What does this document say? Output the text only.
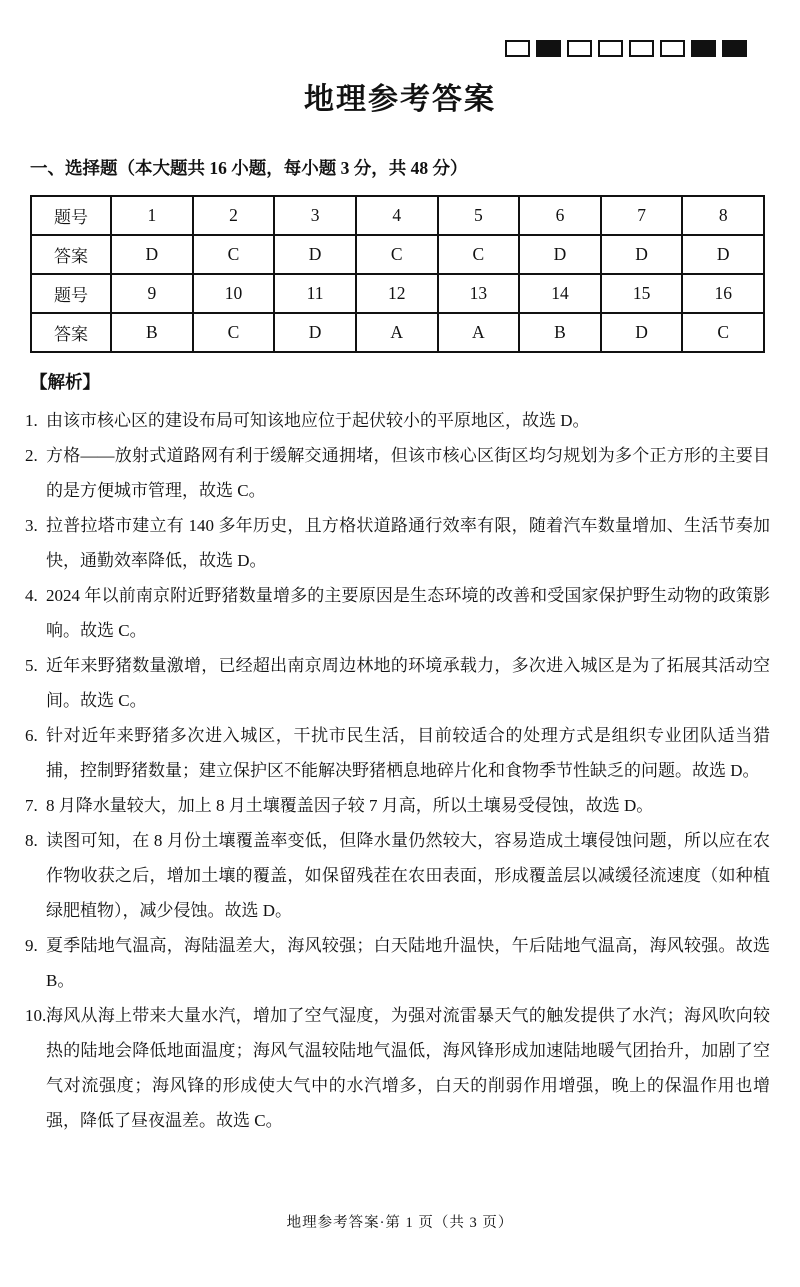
地理参考答案
一、选择题（本大题共 16 小题，每小题 3 分，共 48 分）
题号	1	2	3	4	5	6	7	8
答案	D	C	D	C	C	D	D	D
题号	9	10	11	12	13	14	15	16
答案	B	C	D	A	A	B	D	C
【解析】
1. 由该市核心区的建设布局可知该地应位于起伏较小的平原地区，故选 D。
2. 方格——放射式道路网有利于缓解交通拥堵，但该市核心区街区均匀规划为多个正方形的主要目的是方便城市管理，故选 C。
3. 拉普拉塔市建立有 140 多年历史，且方格状道路通行效率有限，随着汽车数量增加、生活节奏加快，通勤效率降低，故选 D。
4. 2024 年以前南京附近野猪数量增多的主要原因是生态环境的改善和受国家保护野生动物的政策影响。故选 C。
5. 近年来野猪数量激增，已经超出南京周边林地的环境承载力，多次进入城区是为了拓展其活动空间。故选 C。
6. 针对近年来野猪多次进入城区，干扰市民生活，目前较适合的处理方式是组织专业团队适当猎捕，控制野猪数量；建立保护区不能解决野猪栖息地碎片化和食物季节性缺乏的问题。故选 D。
7. 8 月降水量较大，加上 8 月土壤覆盖因子较 7 月高，所以土壤易受侵蚀，故选 D。
8. 读图可知，在 8 月份土壤覆盖率变低，但降水量仍然较大，容易造成土壤侵蚀问题，所以应在农作物收获之后，增加土壤的覆盖，如保留残茬在农田表面，形成覆盖层以减缓径流速度（如种植绿肥植物），减少侵蚀。故选 D。
9. 夏季陆地气温高，海陆温差大，海风较强；白天陆地升温快，午后陆地气温高，海风较强。故选 B。
10. 海风从海上带来大量水汽，增加了空气湿度，为强对流雷暴天气的触发提供了水汽；海风吹向较热的陆地会降低地面温度；海风气温较陆地气温低，海风锋形成加速陆地暖气团抬升，加剧了空气对流强度；海风锋的形成使大气中的水汽增多，白天的削弱作用增强，晚上的保温作用也增强，降低了昼夜温差。故选 C。
地理参考答案·第 1 页（共 3 页）
